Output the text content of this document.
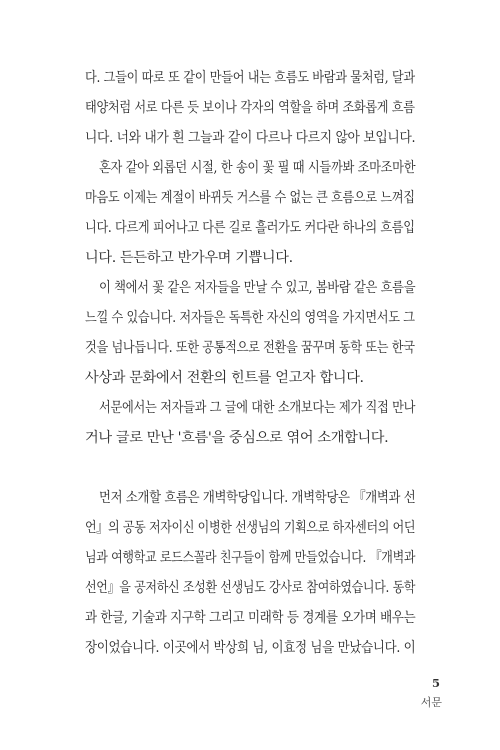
다. 그들이 따로 또 같이 만들어 내는 흐름도 바람과 물처럼, 달과
태양처럼 서로 다른 듯 보이나 각자의 역할을 하며 조화롭게 흐름
니다. 너와 내가 흰 그늘과 같이 다르나 다르지 않아 보입니다.
혼자 같아 외롭던 시절, 한 송이 꽃 필 때 시들까봐 조마조마한
마음도 이제는 계절이 바뀌듯 거스를 수 없는 큰 흐름으로 느껴집
니다. 다르게 피어나고 다른 길로 흘러가도 커다란 하나의 흐름입
니다. 든든하고 반가우며 기쁩니다.
이 책에서 꽃 같은 저자들을 만날 수 있고, 봄바람 같은 흐름을
느낄 수 있습니다. 저자들은 독특한 자신의 영역을 가지면서도 그
것을 넘나듭니다. 또한 공통적으로 전환을 꿈꾸며 동학 또는 한국
사상과 문화에서 전환의 힌트를 얻고자 합니다.
서문에서는 저자들과 그 글에 대한 소개보다는 제가 직접 만나
거나 글로 만난 '흐름'을 중심으로 엮어 소개합니다.
먼저 소개할 흐름은 개벽학당입니다. 개벽학당은 『개벽과 선
언』의 공동 저자이신 이병한 선생님의 기획으로 하자센터의 어딘
님과 여행학교 로드스꼴라 친구들이 함께 만들었습니다. 『개벽과
선언』을 공저하신 조성환 선생님도 강사로 참여하였습니다. 동학
과 한글, 기술과 지구학 그리고 미래학 등 경계를 오가며 배우는
장이었습니다. 이곳에서 박상희 님, 이효정 님을 만났습니다. 이
5
서문
